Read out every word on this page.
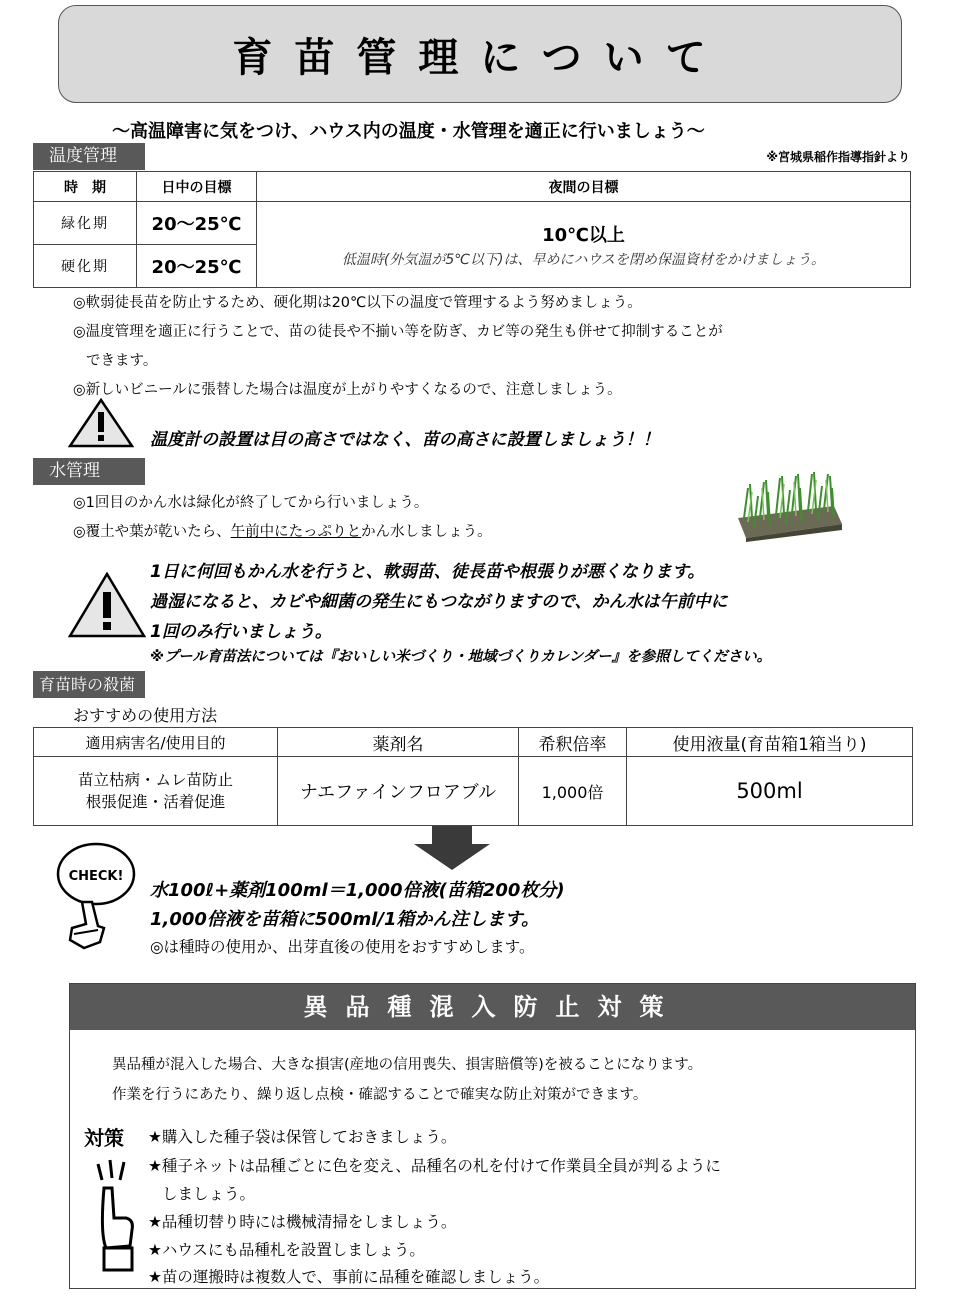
育苗管理について
～高温障害に気をつけ、ハウス内の温度・水管理を適正に行いましょう～
温度管理	※宮城県稲作指導指針より
時　期	日中の目標	夜間の目標
緑化期	20～25℃	10℃以上
低温時(外気温が5℃以下)は、早めにハウスを閉め保温資材をかけましょう。

硬化期	20～25℃	
◎軟弱徒長苗を防止するため、硬化期は20℃以下の温度で管理するよう努めましょう。
◎温度管理を適正に行うことで、苗の徒長や不揃い等を防ぎ、カビ等の発生も併せて抑制することが
できます。
◎新しいビニールに張替した場合は温度が上がりやすくなるので、注意しましょう。
温度計の設置は目の高さではなく、苗の高さに設置しましょう！！
水管理
◎1回目のかん水は緑化が終了してから行いましょう。
◎覆土や葉が乾いたら、午前中にたっぷりとかん水しましょう。
1日に何回もかん水を行うと、軟弱苗、徒長苗や根張りが悪くなります。
過湿になると、カビや細菌の発生にもつながりますので、かん水は午前中に
1回のみ行いましょう。
※プール育苗法については『おいしい米づくり・地域づくりカレンダー』を参照してください。
育苗時の殺菌
おすすめの使用方法
適用病害名/使用目的	薬剤名	希釈倍率	使用液量(育苗箱1箱当り)

苗立枯病・ムレ苗防止
根張促進・活着促進	ナエファインフロアブル	1,000倍	500ml
CHECK!
水100ℓ+薬剤100ml＝1,000倍液(苗箱200枚分)
1,000倍液を苗箱に500ml/1箱かん注します。
◎は種時の使用か、出芽直後の使用をおすすめします。
異品種混入防止対策
異品種が混入した場合、大きな損害(産地の信用喪失、損害賠償等)を被ることになります。
作業を行うにあたり、繰り返し点検・確認することで確実な防止対策ができます。
対策 ★購入した種子袋は保管しておきましょう。
★種子ネットは品種ごとに色を変え、品種名の札を付けて作業員全員が判るように
しましょう。
★品種切替り時には機械清掃をしましょう。
★ハウスにも品種札を設置しましょう。
★苗の運搬時は複数人で、事前に品種を確認しましょう。
